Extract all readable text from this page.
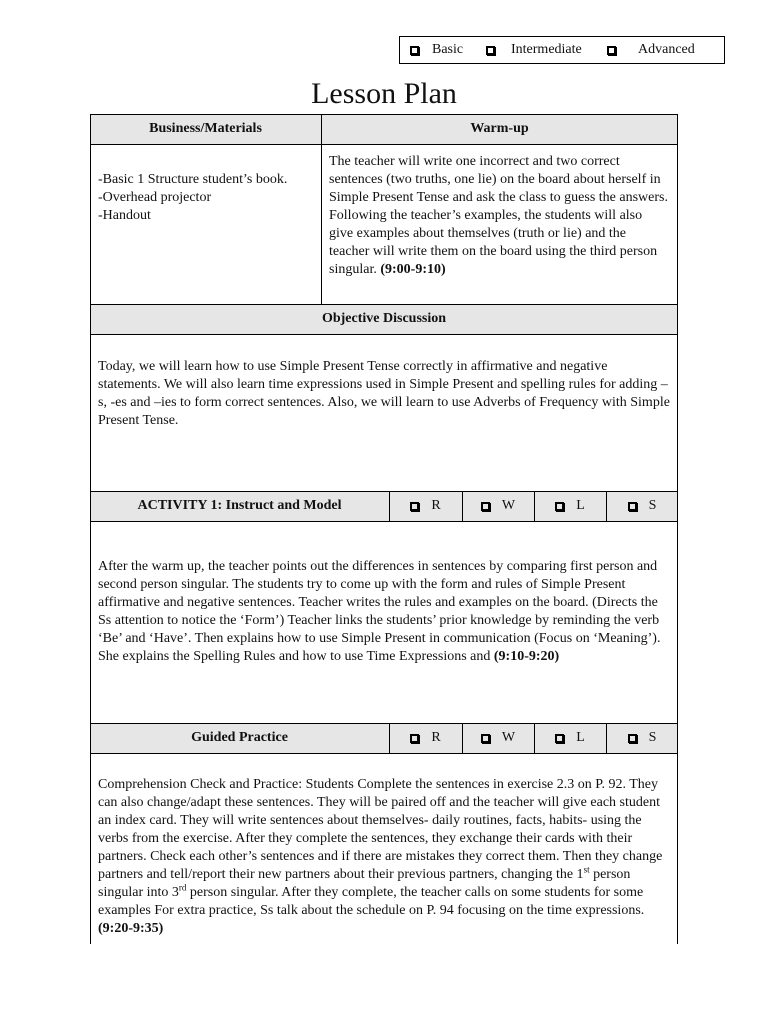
Basic	Intermediate	Advanced
Lesson Plan
Business/Materials	Warm-up
-Basic 1 Structure student’s book.
-Overhead projector
-Handout
The teacher will write one incorrect and two correct sentences (two truths, one lie) on the board about herself in Simple Present Tense and ask the class to guess the answers. Following the teacher’s examples, the students will also give examples about themselves (truth or lie) and the teacher will write them on the board using the third person singular. (9:00-9:10)
Objective Discussion
Today, we will learn how to use Simple Present Tense correctly in affirmative and negative statements. We will also learn time expressions used in Simple Present and spelling rules for adding –s, -es and –ies to form correct sentences. Also, we will learn to use Adverbs of Frequency with Simple Present Tense.
ACTIVITY 1: Instruct and Model	R	W	L	S
After the warm up, the teacher points out the differences in sentences by comparing first person and second person singular. The students try to come up with the form and rules of Simple Present affirmative and negative sentences. Teacher writes the rules and examples on the board. (Directs the Ss attention to notice the ‘Form’) Teacher links the students’ prior knowledge by reminding the verb ‘Be’ and ‘Have’. Then explains how to use Simple Present in communication (Focus on ‘Meaning’). She explains the Spelling Rules and how to use Time Expressions and (9:10-9:20)
Guided Practice	R	W	L	S
Comprehension Check and Practice: Students Complete the sentences in exercise 2.3 on P. 92. They can also change/adapt these sentences. They will be paired off and the teacher will give each student an index card. They will write sentences about themselves- daily routines, facts, habits- using the verbs from the exercise. After they complete the sentences, they exchange their cards with their partners. Check each other’s sentences and if there are mistakes they correct them. Then they change partners and tell/report their new partners about their previous partners, changing the 1st person singular into 3rd person singular. After they complete, the teacher calls on some students for some examples For extra practice, Ss talk about the schedule on P. 94 focusing on the time expressions. (9:20-9:35)
